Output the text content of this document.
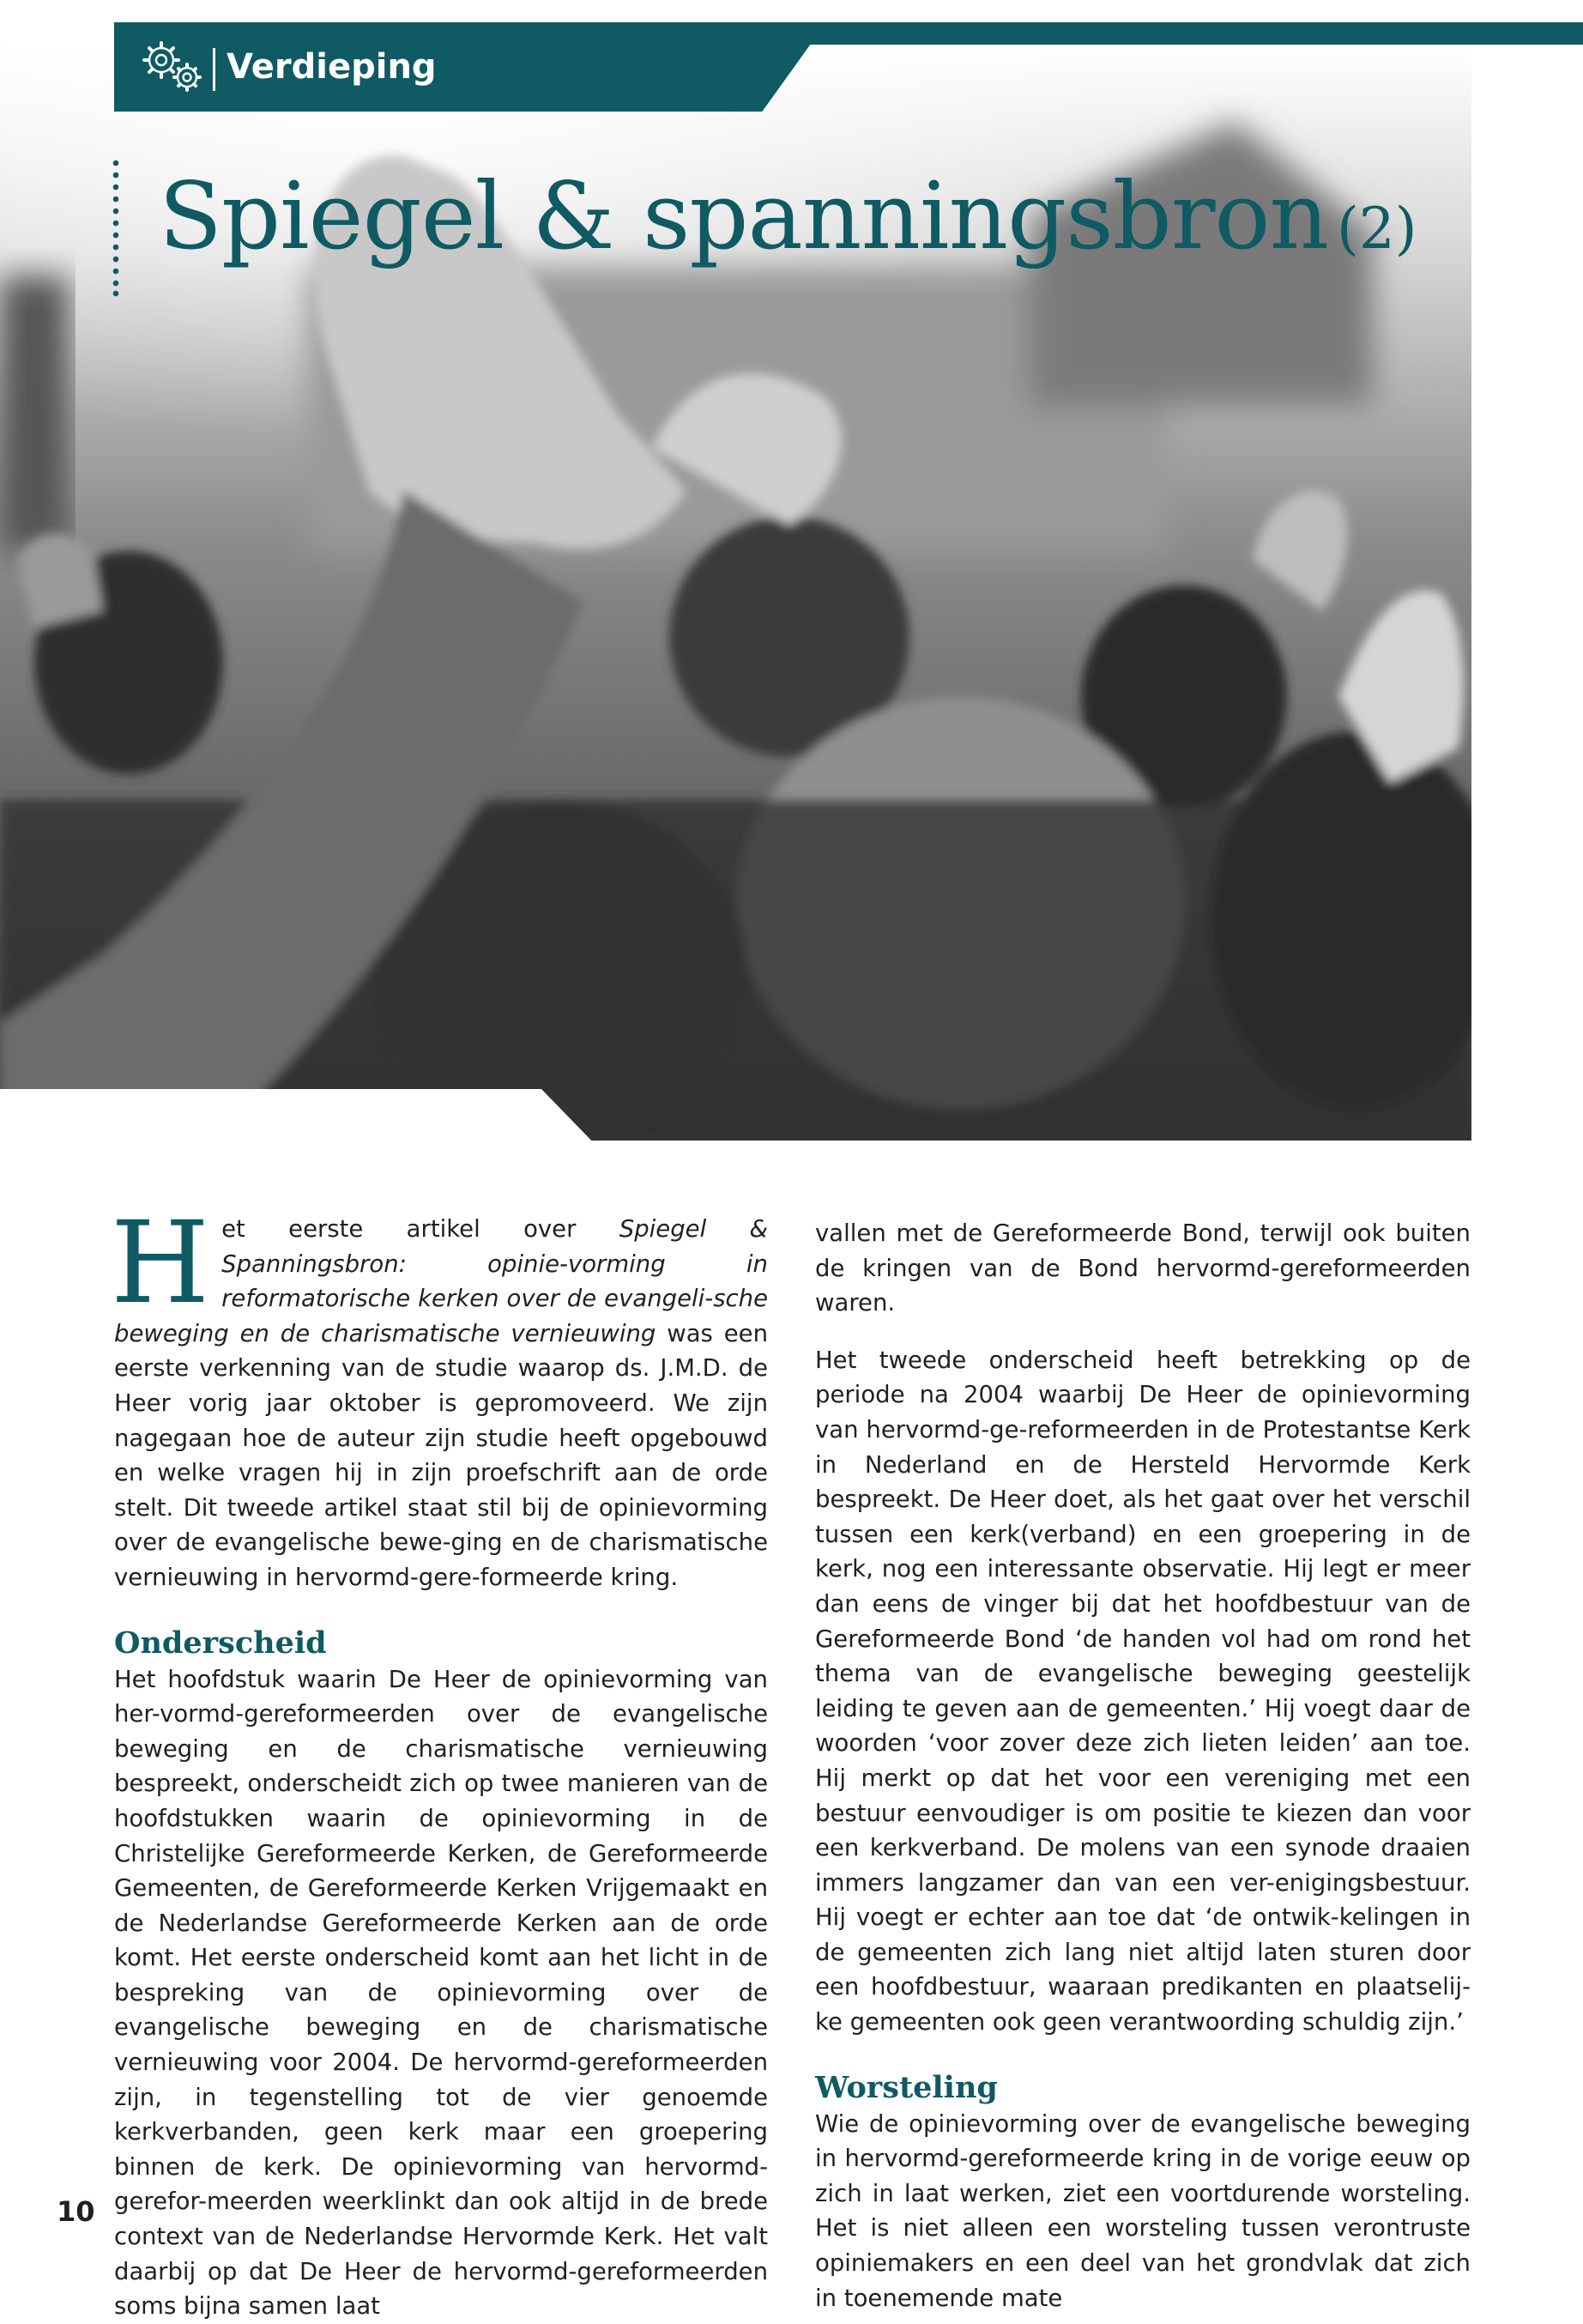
Verdieping
Spiegel & spanningsbron (2)

Het eerste artikel over Spiegel & Spanningsbron: opinie-vorming in reformatorische kerken over de evangeli-sche beweging en de charismatische vernieuwing was een eerste verkenning van de studie waarop ds. J.M.D. de Heer vorig jaar oktober is gepromoveerd. We zijn nagegaan hoe de auteur zijn studie heeft opgebouwd en welke vragen hij in zijn proefschrift aan de orde stelt. Dit tweede artikel staat stil bij de opinievorming over de evangelische bewe-ging en de charismatische vernieuwing in hervormd-gere-formeerde kring.

Onderscheid

Het hoofdstuk waarin De Heer de opinievorming van her-vormd-gereformeerden over de evangelische beweging en de charismatische vernieuwing bespreekt, onderscheidt zich op twee manieren van de hoofdstukken waarin de opinievorming in de Christelijke Gereformeerde Kerken, de Gereformeerde Gemeenten, de Gereformeerde Kerken Vrijgemaakt en de Nederlandse Gereformeerde Kerken aan de orde komt. Het eerste onderscheid komt aan het licht in de bespreking van de opinievorming over de evangelische beweging en de charismatische vernieuwing voor 2004. De hervormd-gereformeerden zijn, in tegenstelling tot de vier genoemde kerkverbanden, geen kerk maar een groepering binnen de kerk. De opinievorming van hervormd-gerefor-meerden weerklinkt dan ook altijd in de brede context van de Nederlandse Hervormde Kerk. Het valt daarbij op dat De Heer de hervormd-gereformeerden soms bijna samen laat

vallen met de Gereformeerde Bond, terwijl ook buiten de kringen van de Bond hervormd-gereformeerden waren.

Het tweede onderscheid heeft betrekking op de periode na 2004 waarbij De Heer de opinievorming van hervormd-ge-reformeerden in de Protestantse Kerk in Nederland en de Hersteld Hervormde Kerk bespreekt. De Heer doet, als het gaat over het verschil tussen een kerk(verband) en een groepering in de kerk, nog een interessante observatie. Hij legt er meer dan eens de vinger bij dat het hoofdbestuur van de Gereformeerde Bond ‘de handen vol had om rond het thema van de evangelische beweging geestelijk leiding te geven aan de gemeenten.’ Hij voegt daar de woorden ‘voor zover deze zich lieten leiden’ aan toe. Hij merkt op dat het voor een vereniging met een bestuur eenvoudiger is om positie te kiezen dan voor een kerkverband. De molens van een synode draaien immers langzamer dan van een ver-enigingsbestuur. Hij voegt er echter aan toe dat ‘de ontwik-kelingen in de gemeenten zich lang niet altijd laten sturen door een hoofdbestuur, waaraan predikanten en plaatselij-ke gemeenten ook geen verantwoording schuldig zijn.’

Worsteling

Wie de opinievorming over de evangelische beweging in hervormd-gereformeerde kring in de vorige eeuw op zich in laat werken, ziet een voortdurende worsteling. Het is niet alleen een worsteling tussen verontruste opiniemakers en een deel van het grondvlak dat zich in toenemende mate

10
